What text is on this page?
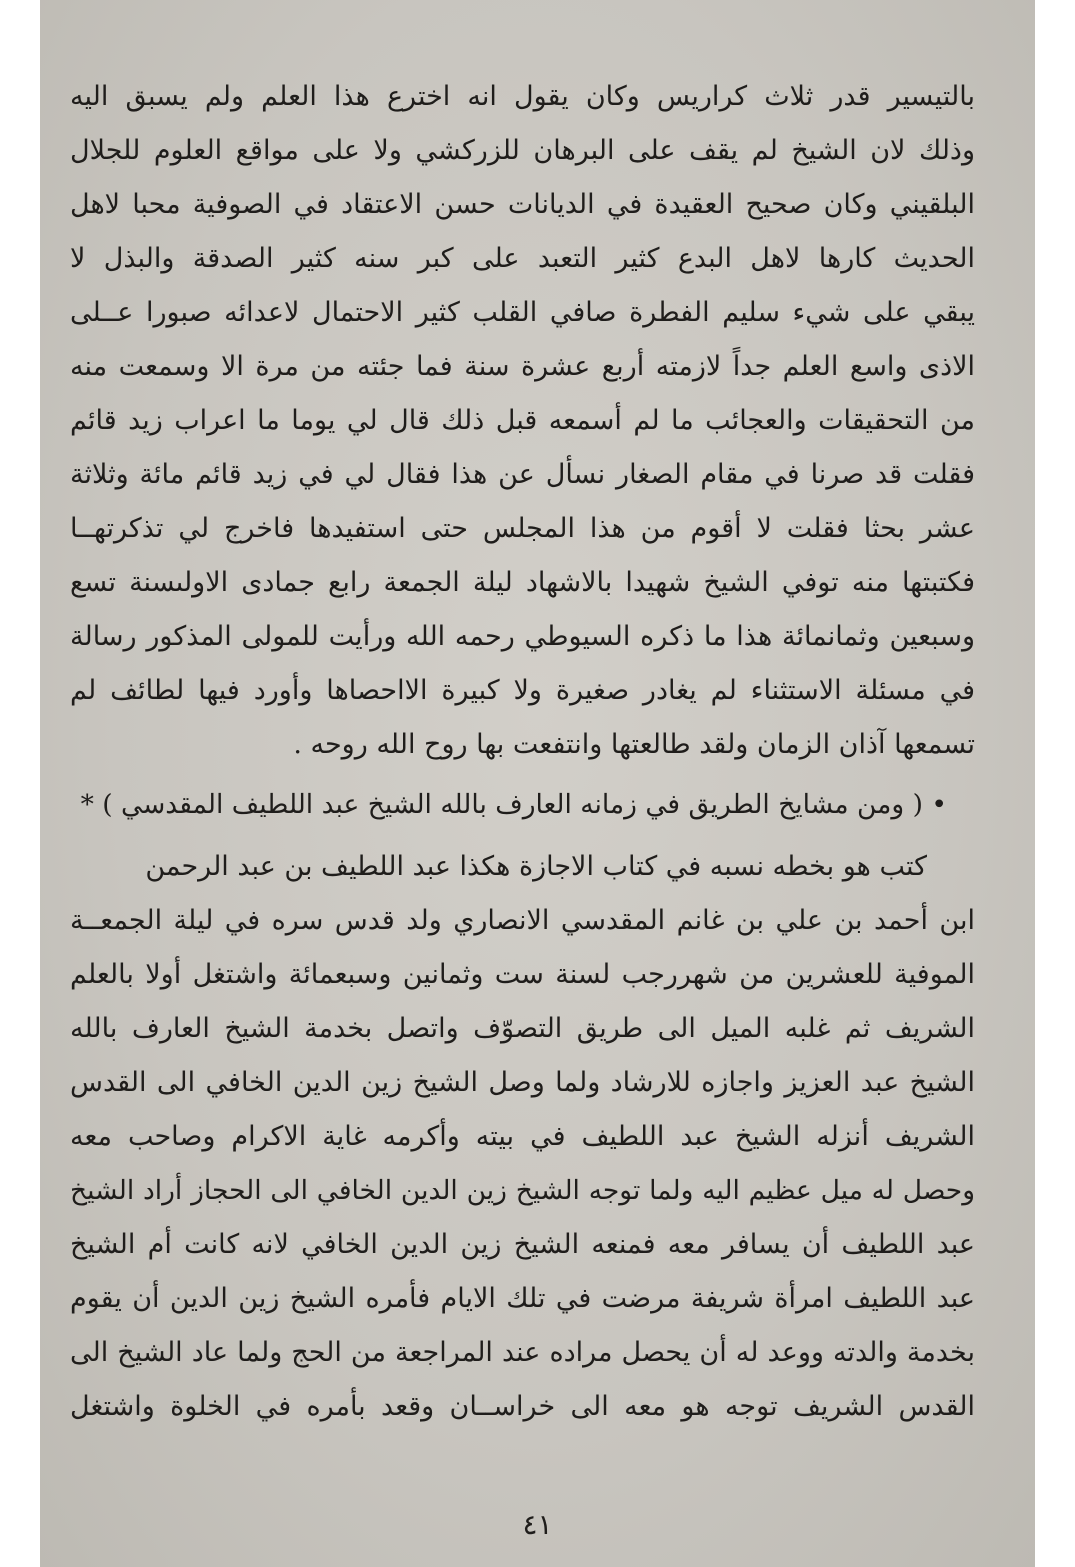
بالتيسير قدر ثلاث كراريس وكان يقول انه اخترع هذا العلم ولم يسبق اليه
وذلك لان الشيخ لم يقف على البرهان للزركشي ولا على مواقع العلوم للجلال
البلقيني وكان صحيح العقيدة في الديانات حسن الاعتقاد في الصوفية محبا لاهل
الحديث كارها لاهل البدع كثير التعبد على كبر سنه كثير الصدقة والبذل لا
يبقي على شيء سليم الفطرة صافي القلب كثير الاحتمال لاعدائه صبورا عــلى
الاذى واسع العلم جداً لازمته أربع عشرة سنة فما جئته من مرة الا وسمعت منه
من التحقيقات والعجائب ما لم أسمعه قبل ذلك قال لي يوما ما اعراب زيد قائم
فقلت قد صرنا في مقام الصغار نسأل عن هذا فقال لي في زيد قائم مائة وثلاثة
عشر بحثا فقلت لا أقوم من هذا المجلس حتى استفيدها فاخرج لي تذكرتهــا
فكتبتها منه توفي الشيخ شهيدا بالاشهاد ليلة الجمعة رابع جمادى الاولىسنة تسع
وسبعين وثمانمائة هذا ما ذكره السيوطي رحمه الله ورأيت للمولى المذكور رسالة
في مسئلة الاستثناء لم يغادر صغيرة ولا كبيرة الااحصاها وأورد فيها لطائف لم
تسمعها آذان الزمان ولقد طالعتها وانتفعت بها روح الله روحه .
• ( ومن مشايخ الطريق في زمانه العارف بالله الشيخ عبد اللطيف المقدسي ) *
كتب هو بخطه نسبه في كتاب الاجازة هكذا عبد اللطيف بن عبد الرحمن
ابن أحمد بن علي بن غانم المقدسي الانصاري ولد قدس سره في ليلة الجمعــة
الموفية للعشرين من شهررجب لسنة ست وثمانين وسبعمائة واشتغل أولا بالعلم
الشريف ثم غلبه الميل الى طريق التصوّف واتصل بخدمة الشيخ العارف بالله
الشيخ عبد العزيز واجازه للارشاد ولما وصل الشيخ زين الدين الخافي الى القدس
الشريف أنزله الشيخ عبد اللطيف في بيته وأكرمه غاية الاكرام وصاحب معه
وحصل له ميل عظيم اليه ولما توجه الشيخ زين الدين الخافي الى الحجاز أراد الشيخ
عبد اللطيف أن يسافر معه فمنعه الشيخ زين الدين الخافي لانه كانت أم الشيخ
عبد اللطيف امرأة شريفة مرضت في تلك الايام فأمره الشيخ زين الدين أن يقوم
بخدمة والدته ووعد له أن يحصل مراده عند المراجعة من الحج ولما عاد الشيخ الى
القدس الشريف توجه هو معه الى خراســان وقعد بأمره في الخلوة واشتغل
٤١
